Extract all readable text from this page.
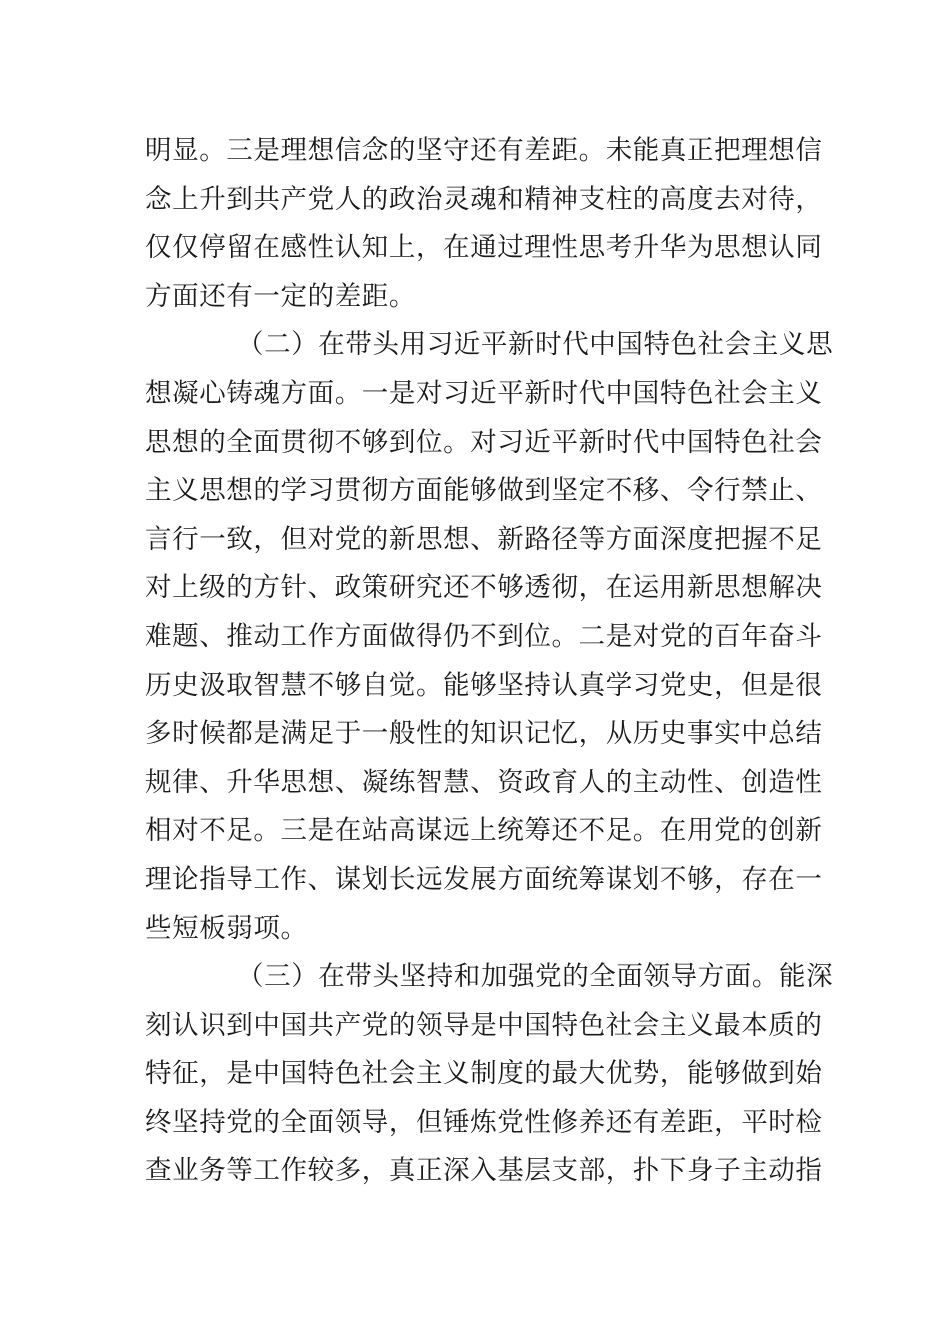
明显。三是理想信念的坚守还有差距。未能真正把理想信
念上升到共产党人的政治灵魂和精神支柱的高度去对待，
仅仅停留在感性认知上，在通过理性思考升华为思想认同
方面还有一定的差距。
（二）在带头用习近平新时代中国特色社会主义思
想凝心铸魂方面。一是对习近平新时代中国特色社会主义
思想的全面贯彻不够到位。对习近平新时代中国特色社会
主义思想的学习贯彻方面能够做到坚定不移、令行禁止、
言行一致，但对党的新思想、新路径等方面深度把握不足
对上级的方针、政策研究还不够透彻，在运用新思想解决
难题、推动工作方面做得仍不到位。二是对党的百年奋斗
历史汲取智慧不够自觉。能够坚持认真学习党史，但是很
多时候都是满足于一般性的知识记忆，从历史事实中总结
规律、升华思想、凝练智慧、资政育人的主动性、创造性
相对不足。三是在站高谋远上统筹还不足。在用党的创新
理论指导工作、谋划长远发展方面统筹谋划不够，存在一
些短板弱项。
（三）在带头坚持和加强党的全面领导方面。能深
刻认识到中国共产党的领导是中国特色社会主义最本质的
特征，是中国特色社会主义制度的最大优势，能够做到始
终坚持党的全面领导，但锤炼党性修养还有差距，平时检
查业务等工作较多，真正深入基层支部，扑下身子主动指
